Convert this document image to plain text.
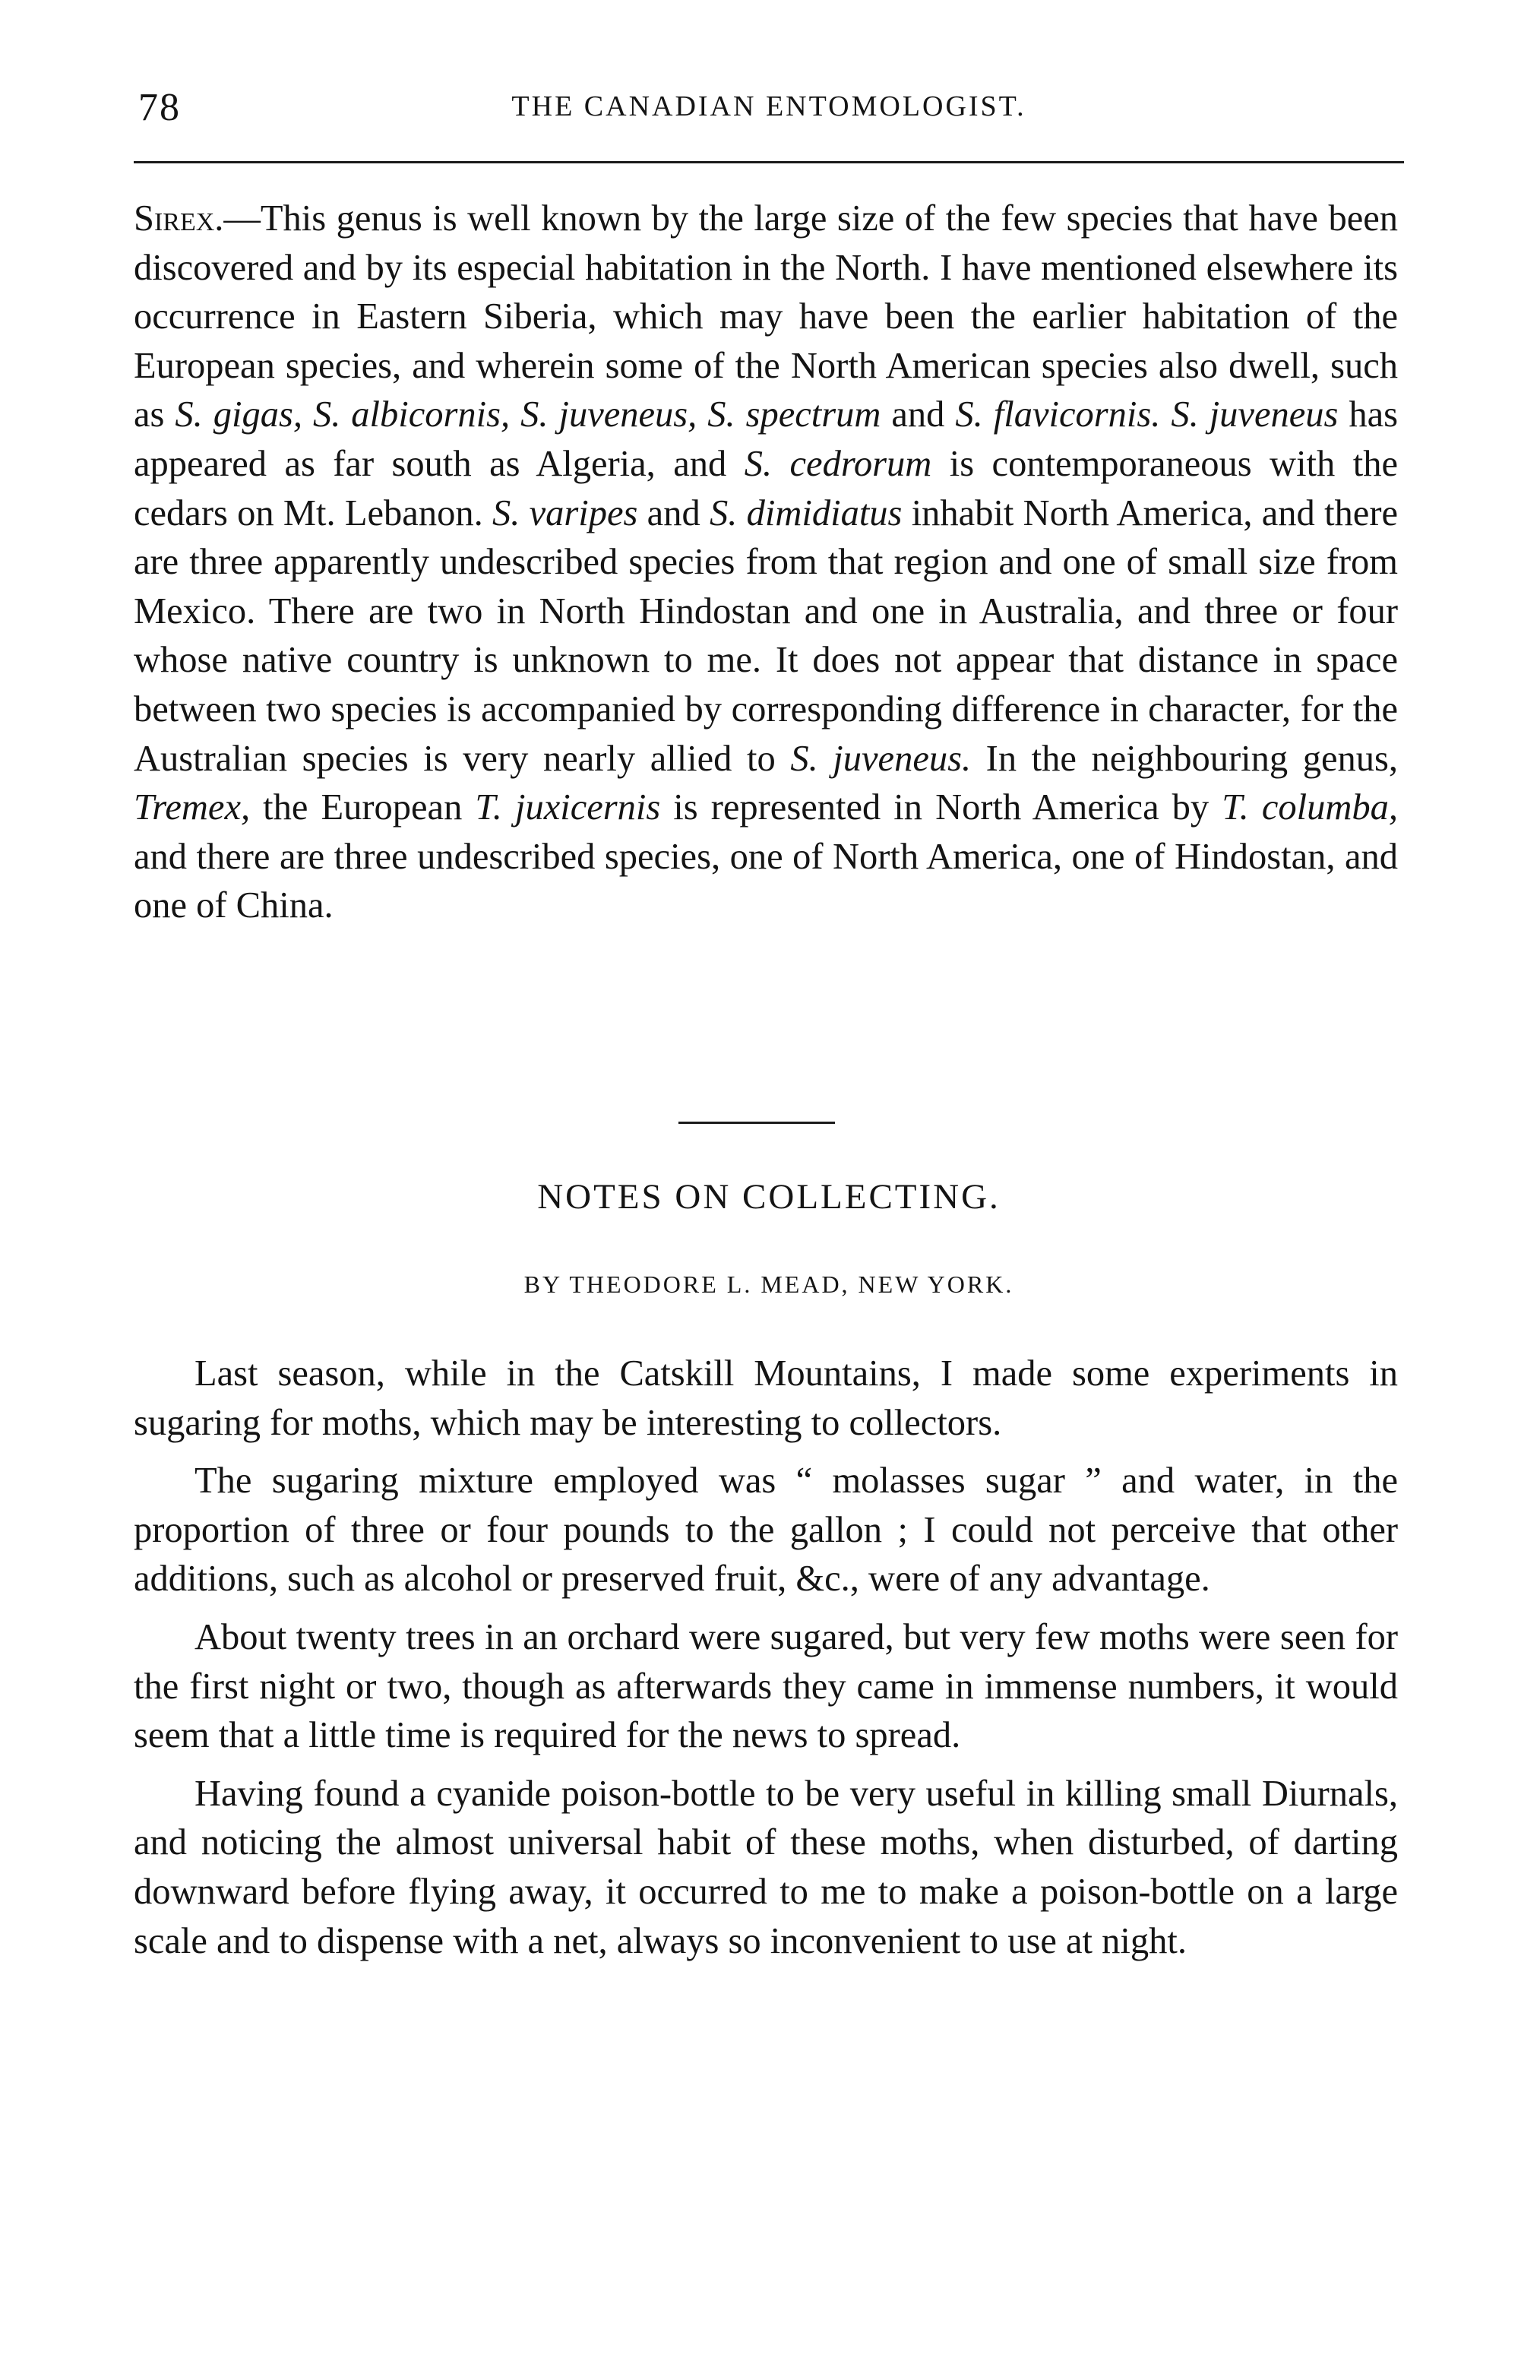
78	THE CANADIAN ENTOMOLOGIST.

Sirex.—This genus is well known by the large size of the few species that have been discovered and by its especial habitation in the North. I have mentioned elsewhere its occurrence in Eastern Siberia, which may have been the earlier habitation of the European species, and wherein some of the North American species also dwell, such as S. gigas, S. albicornis, S. juveneus, S. spectrum and S. flavicornis. S. juveneus has appeared as far south as Algeria, and S. cedrorum is contemporaneous with the cedars on Mt. Lebanon. S. varipes and S. dimidiatus inhabit North America, and there are three apparently undescribed species from that region and one of small size from Mexico. There are two in North Hindostan and one in Australia, and three or four whose native country is unknown to me. It does not appear that distance in space between two species is accompanied by corresponding difference in character, for the Australian species is very nearly allied to S. juveneus. In the neighbouring genus, Tremex, the European T. juxicernis is represented in North America by T. columba, and there are three undescribed species, one of North America, one of Hindostan, and one of China.

NOTES ON COLLECTING.
BY THEODORE L. MEAD, NEW YORK.

Last season, while in the Catskill Mountains, I made some experiments in sugaring for moths, which may be interesting to collectors.

The sugaring mixture employed was “ molasses sugar ” and water, in the proportion of three or four pounds to the gallon ; I could not perceive that other additions, such as alcohol or preserved fruit, &c., were of any advantage.

About twenty trees in an orchard were sugared, but very few moths were seen for the first night or two, though as afterwards they came in immense numbers, it would seem that a little time is required for the news to spread.

Having found a cyanide poison-bottle to be very useful in killing small Diurnals, and noticing the almost universal habit of these moths, when disturbed, of darting downward before flying away, it occurred to me to make a poison-bottle on a large scale and to dispense with a net, always so inconvenient to use at night.
